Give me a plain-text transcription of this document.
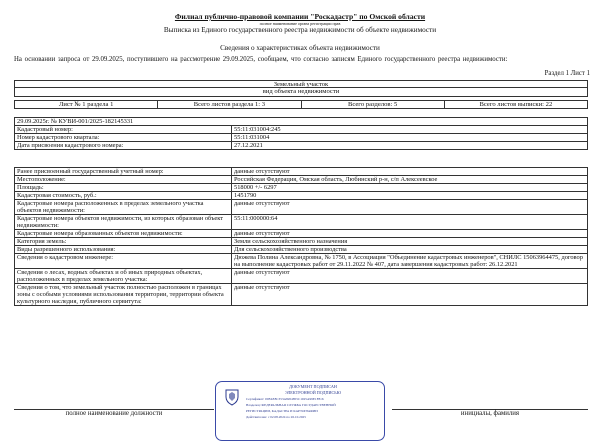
Филиал публично-правовой компании "Роскадастр" по Омской области
полное наименование органа регистрации прав
Выписка из Единого государственного реестра недвижимости об объекте недвижимости
Сведения о характеристиках объекта недвижимости
На основании запроса от 29.09.2025, поступившего на рассмотрение 29.09.2025, сообщаем, что согласно записям Единого государственного реестра недвижимости:
Раздел 1 Лист 1
Земельный участок
вид объекта недвижимости
Лист № 1 раздела 1	Всего листов раздела 1: 3	Всего разделов: 5	Всего листов выписки: 22
29.09.2025г. № КУВИ-001/2025-182145331	
Кадастровый номер:	55:11:031004:245
Номер кадастрового квартала:	55:11:031004
Дата присвоения кадастрового номера:	27.12.2021
Ранее присвоенный государственный учетный номер:	данные отсутствуют
Местоположение:	Российская Федерация, Омская область, Любинский р-н, с/п Алексеевское
Площадь:	518000 +/- 6297
Кадастровая стоимость, руб.:	1451790
Кадастровые номера расположенных в пределах земельного участка объектов недвижимости:	данные отсутствуют
Кадастровые номера объектов недвижимости, из которых образован объект недвижимости:	55:11:000000:64
Кадастровые номера образованных объектов недвижимости:	данные отсутствуют
Категория земель:	Земли сельскохозяйственного назначения
Виды разрешенного использования:	Для сельскохозяйственного производства
Сведения о кадастровом инженере:	Дюжева Полина Александровна, № 1750, в Ассоциация "Объединение кадастровых инженеров", СНИЛС 15063964475, договор на выполнение кадастровых работ от 29.11.2022 № 407, дата завершения кадастровых работ: 26.12.2021
Сведения о лесах, водных объектах и об иных природных объектах, расположенных в пределах земельного участка:	данные отсутствуют
Сведения о том, что земельный участок полностью расположен в границах зоны с особыми условиями использования территории, территории объекта культурного наследия, публичного сервитута:	данные отсутствуют
полное наименование должности	инициалы, фамилия
ДОКУМЕНТ ПОДПИСАН
ЭЛЕКТРОННОЙ ПОДПИСЬЮ
Сертификат: 00FAE8C353A8204855C1025A99E1F816
Владелец: ФЕДЕРАЛЬНАЯ СЛУЖБА ГОСУДАРСТВЕННОЙ
РЕГИСТРАЦИИ, КАДАСТРА И КАРТОГРАФИИ
Действителен: с 02.08.2024 по 26.10.2025
